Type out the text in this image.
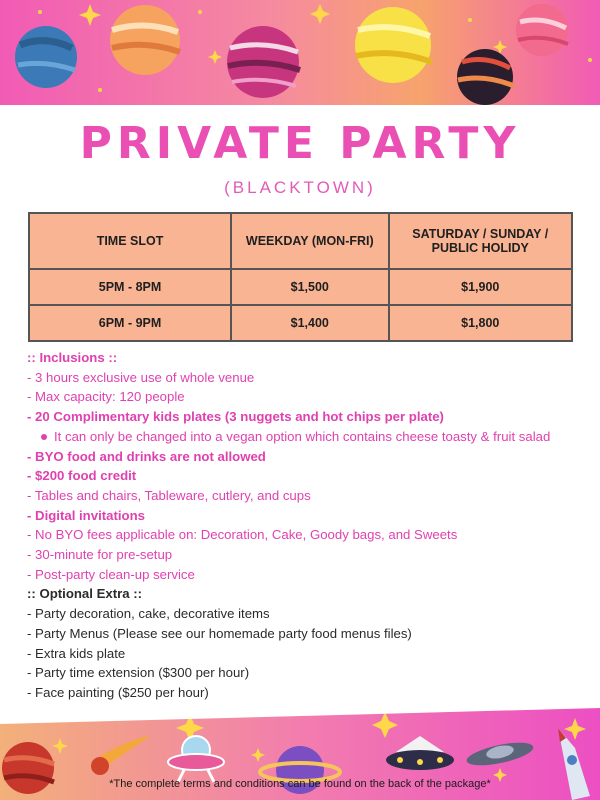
PRIVATE PARTY
(BLACKTOWN)
TIME SLOT	WEEKDAY (MON-FRI)	SATURDAY / SUNDAY / PUBLIC HOLIDY
5PM - 8PM	$1,500	$1,900
6PM - 9PM	$1,400	$1,800
:: Inclusions ::
- 3 hours exclusive use of whole venue
- Max capacity: 120 people
- 20 Complimentary kids plates (3 nuggets and hot chips per plate)
It can only be changed into a vegan option which contains cheese toasty & fruit salad
- BYO food and drinks are not allowed
- $200 food credit
- Tables and chairs, Tableware, cutlery, and cups
- Digital invitations
- No BYO fees applicable on: Decoration, Cake, Goody bags, and Sweets
- 30-minute for pre-setup
- Post-party clean-up service
:: Optional Extra ::
- Party decoration, cake, decorative items
- Party Menus (Please see our homemade party food menus files)
- Extra kids plate
- Party time extension ($300 per hour)
- Face painting ($250 per hour)
*The complete terms and conditions can be found on the back of the package*
